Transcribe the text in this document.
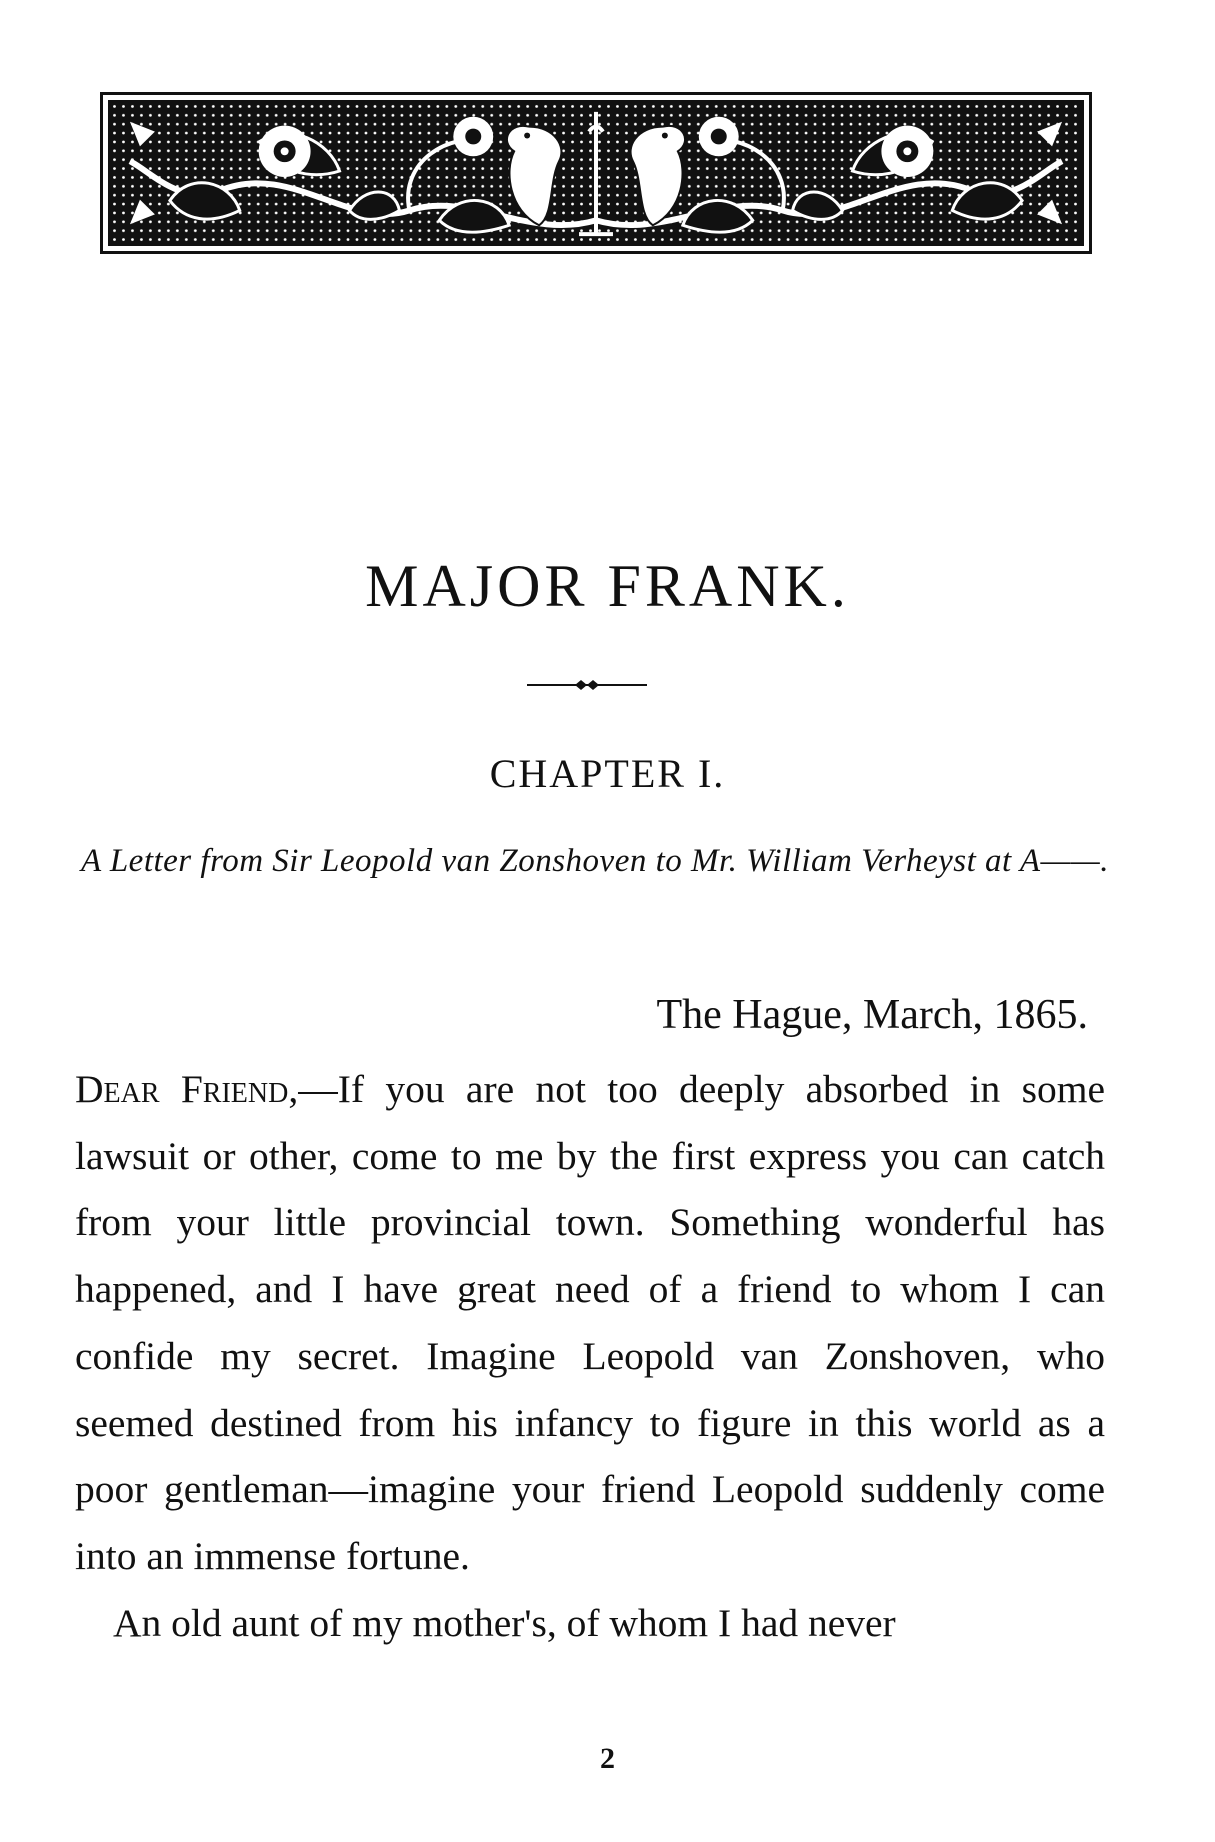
MAJOR FRANK.
CHAPTER I.
A Letter from Sir Leopold van Zonshoven to Mr. William Verheyst at A——.
The Hague, March, 1865.

Dear Friend,—If you are not too deeply absorbed in some lawsuit or other, come to me by the first express you can catch from your little provincial town. Something wonderful has happened, and I have great need of a friend to whom I can confide my secret. Imagine Leopold van Zonshoven, who seemed destined from his infancy to figure in this world as a poor gentleman—imagine your friend Leopold suddenly come into an immense fortune.

An old aunt of my mother's, of whom I had never

2
